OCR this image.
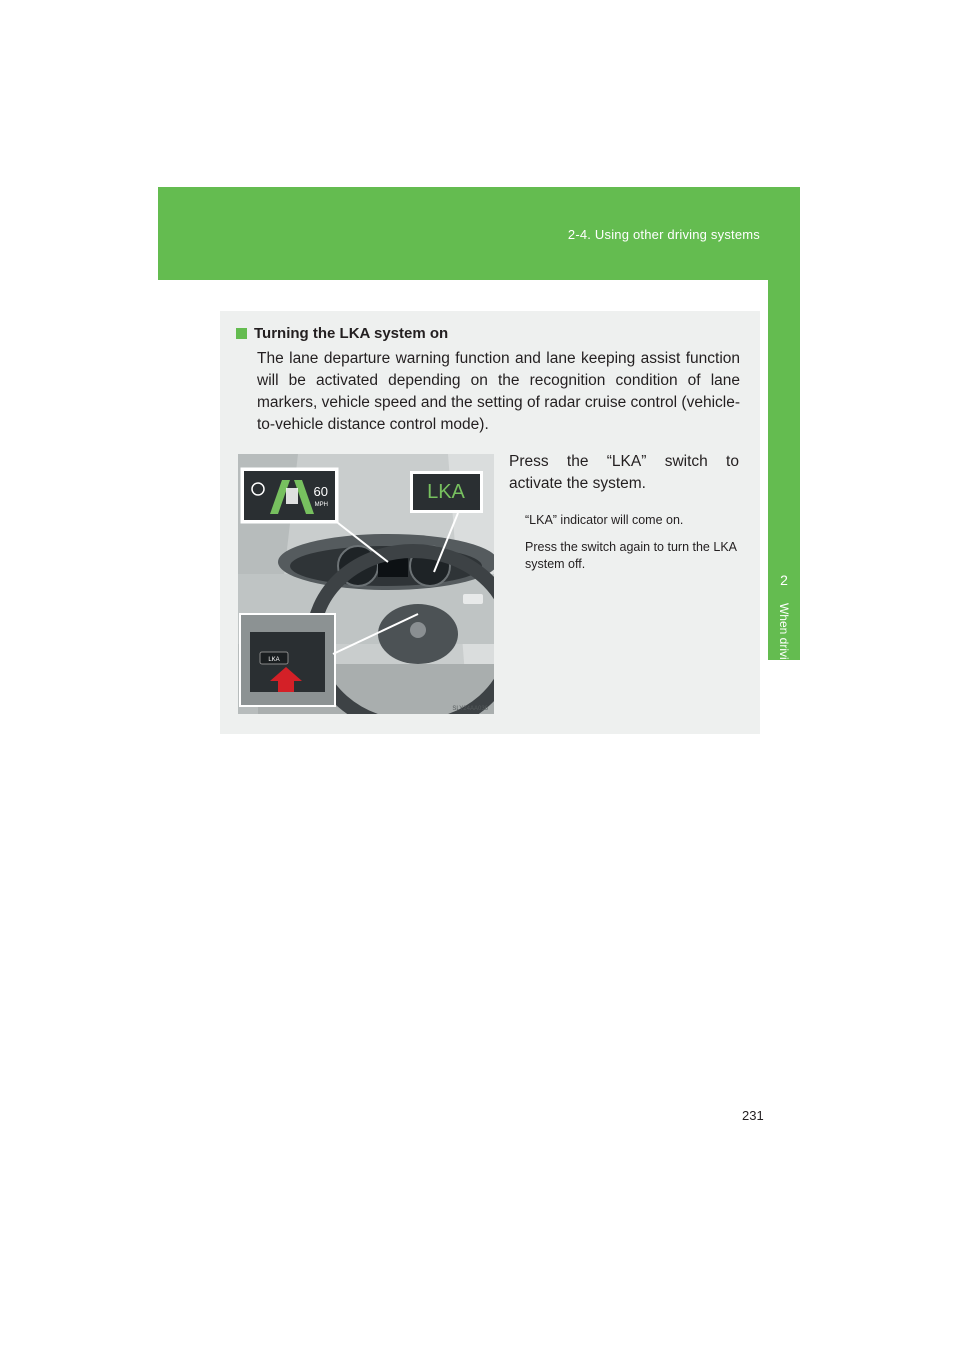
2-4. Using other driving systems
2
When driving
Turning the LKA system on
The lane departure warning function and lane keeping assist function will be activated depending on the recognition condition of lane markers, vehicle speed and the setting of radar cruise control (vehicle-to-vehicle distance control mode).
LKA
60
MPH
LKA
SLY24AA036
Press the “LKA” switch to activate the system.
“LKA” indicator will come on.
Press the switch again to turn the LKA system off.
231
